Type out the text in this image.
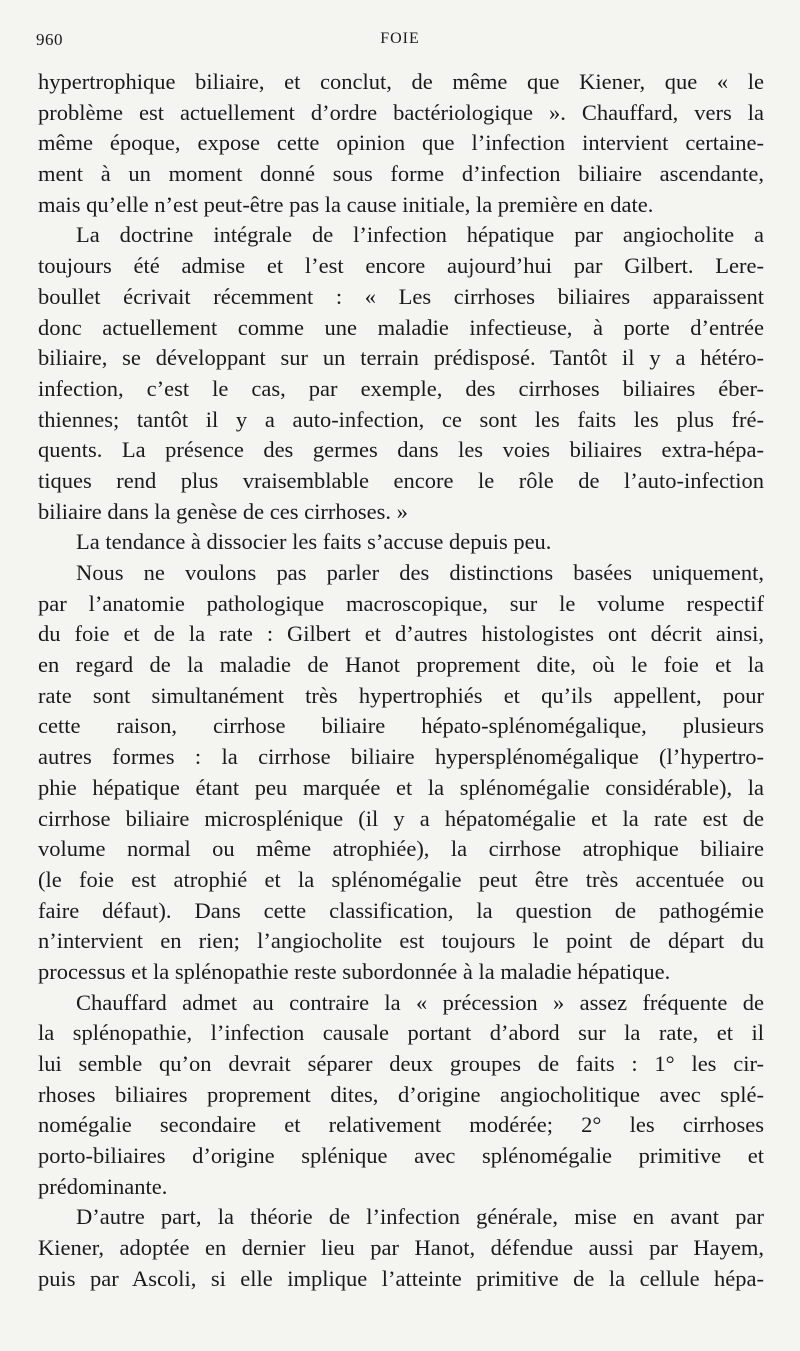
960	FOIE
hypertrophique biliaire, et conclut, de même que Kiener, que « le
problème est actuellement d’ordre bactériologique ». Chauffard, vers la
même époque, expose cette opinion que l’infection intervient certaine-
ment à un moment donné sous forme d’infection biliaire ascendante,
mais qu’elle n’est peut-être pas la cause initiale, la première en date.
La doctrine intégrale de l’infection hépatique par angiocholite a
toujours été admise et l’est encore aujourd’hui par Gilbert. Lere-
boullet écrivait récemment : « Les cirrhoses biliaires apparaissent
donc actuellement comme une maladie infectieuse, à porte d’entrée
biliaire, se développant sur un terrain prédisposé. Tantôt il y a hétéro-
infection, c’est le cas, par exemple, des cirrhoses biliaires éber-
thiennes; tantôt il y a auto-infection, ce sont les faits les plus fré-
quents. La présence des germes dans les voies biliaires extra-hépa-
tiques rend plus vraisemblable encore le rôle de l’auto-infection
biliaire dans la genèse de ces cirrhoses. »
La tendance à dissocier les faits s’accuse depuis peu.
Nous ne voulons pas parler des distinctions basées uniquement,
par l’anatomie pathologique macroscopique, sur le volume respectif
du foie et de la rate : Gilbert et d’autres histologistes ont décrit ainsi,
en regard de la maladie de Hanot proprement dite, où le foie et la
rate sont simultanément très hypertrophiés et qu’ils appellent, pour
cette raison, cirrhose biliaire hépato-splénomégalique, plusieurs
autres formes : la cirrhose biliaire hypersplénomégalique (l’hypertro-
phie hépatique étant peu marquée et la splénomégalie considérable), la
cirrhose biliaire microsplénique (il y a hépatomégalie et la rate est de
volume normal ou même atrophiée), la cirrhose atrophique biliaire
(le foie est atrophié et la splénomégalie peut être très accentuée ou
faire défaut). Dans cette classification, la question de pathogémie
n’intervient en rien; l’angiocholite est toujours le point de départ du
processus et la splénopathie reste subordonnée à la maladie hépatique.
Chauffard admet au contraire la « précession » assez fréquente de
la splénopathie, l’infection causale portant d’abord sur la rate, et il
lui semble qu’on devrait séparer deux groupes de faits : 1° les cir-
rhoses biliaires proprement dites, d’origine angiocholitique avec splé-
nomégalie secondaire et relativement modérée; 2° les cirrhoses
porto-biliaires d’origine splénique avec splénomégalie primitive et
prédominante.
D’autre part, la théorie de l’infection générale, mise en avant par
Kiener, adoptée en dernier lieu par Hanot, défendue aussi par Hayem,
puis par Ascoli, si elle implique l’atteinte primitive de la cellule hépa-
